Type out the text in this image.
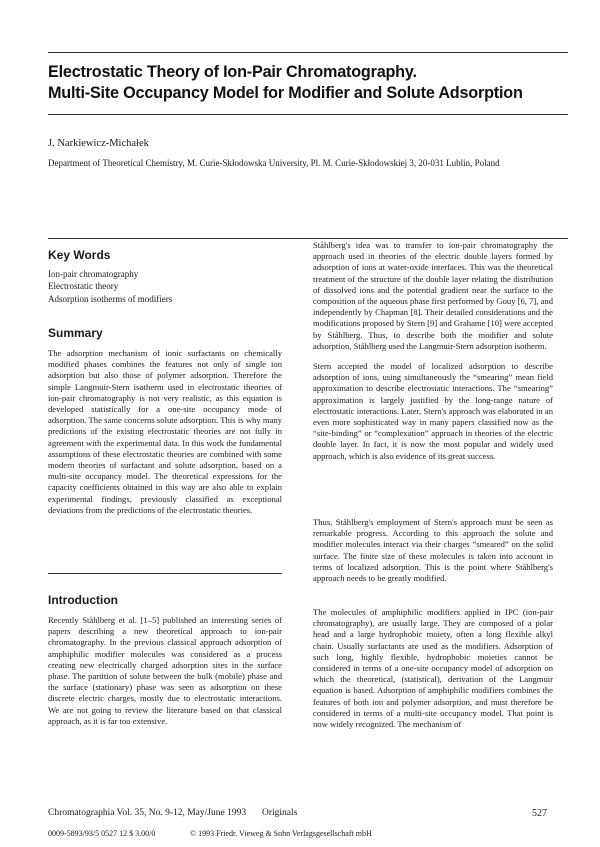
Electrostatic Theory of Ion-Pair Chromatography.
Multi-Site Occupancy Model for Modifier and Solute Adsorption
J. Narkiewicz-Michałek
Department of Theoretical Chemistry, M. Curie-Skłodowska University, Pl. M. Curie-Skłodowskiej 3, 20-031 Lublin, Poland
Key Words
Ion-pair chromatography
Electrostatic theory
Adsorption isotherms of modifiers
Summary
The adsorption mechanism of ionic surfactants on chemically modified phases combines the features not only of single ion adsorption but also those of polymer adsorption. Therefore the simple Langmuir-Stern isotherm used in electrostatic theories of ion-pair chromatography is not very realistic, as this equation is developed statistically for a one-site occupancy mode of adsorption. The same concerns solute adsorption. This is why many predictions of the existing electrostatic theories are not fully in agreement with the experimental data. In this work the fundamental assumptions of these electrostatic theories are combined with some modern theories of surfactant and solute adsorption, based on a multi-site occupancy model. The theoretical expressions for the capacity coefficients obtained in this way are also able to explain experimental findings, previously classified as exceptional deviations from the predictions of the electrostatic theories.
Introduction
Recently Ståhlberg et al. [1–5] published an interesting series of papers describing a new theoretical approach to ion-pair chromatography. In the previous classical approach adsorption of amphiphilic modifier molecules was considered as a process creating new electrically charged adsorption sites in the surface phase. The partition of solute between the bulk (mobile) phase and the surface (stationary) phase was seen as adsorption on these discrete electric charges, mostly due to electrostatic interactions. We are not going to review the literature based on that classical approach, as it is far too extensive.
Ståhlberg's idea was to transfer to ion-pair chromatography the approach used in theories of the electric double layers formed by adsorption of ions at water-oxide interfaces. This was the theoretical treatment of the structure of the double layer relating the distribution of dissolved ions and the potential gradient near the surface to the composition of the aqueous phase first performed by Gouy [6, 7], and independently by Chapman [8]. Their detailed considerations and the modifications proposed by Stern [9] and Grahame [10] were accepted by Ståhlberg. Thus, to describe both the modifier and solute adsorption, Ståhlberg used the Langmuir-Stern adsorption isotherm.
Stern accepted the model of localized adsorption to describe adsorption of ions, using simultaneously the “smearing” mean field approximation to describe electrostatic interactions. The “smearing” approximation is largely justified by the long-range nature of electrostatic interactions. Later, Stern's approach was elaborated in an even more sophisticated way in many papers classified now as the “site-binding” or “complexation” approach in theories of the electric double layer. In fact, it is now the most popular and widely used approach, which is also evidence of its great success.
Thus, Ståhlberg's employment of Stern's approach must be seen as remarkable progress. According to this approach the solute and modifier molecules interact via their charges “smeared” on the solid surface. The finite size of these molecules is taken into account in terms of localized adsorption. This is the point where Ståhlberg's approach needs to be greatly modified.
The molecules of amphiphilic modifiers applied in IPC (ion-pair chromatography), are usually large. They are composed of a polar head and a large hydrophobic moiety, often a long flexible alkyl chain. Usually surfactants are used as the modifiers. Adsorption of such long, highly flexible, hydrophobic moieties cannot be considered in terms of a one-site occupancy model of adsorption on which the theoretical, (statistical), derivation of the Langmuir equation is based. Adsorption of amphiphilic modifiers combines the features of both ion and polymer adsorption, and must therefore be considered in terms of a multi-site occupancy model. That point is now widely recognized. The mechanism of
Chromatographia Vol. 35, No. 9-12, May/June 1993 Originals	527
0009-5893/93/5 0527 12 $ 3.00/0	© 1993 Friedr. Vieweg & Sohn Verlagsgesellschaft mbH
